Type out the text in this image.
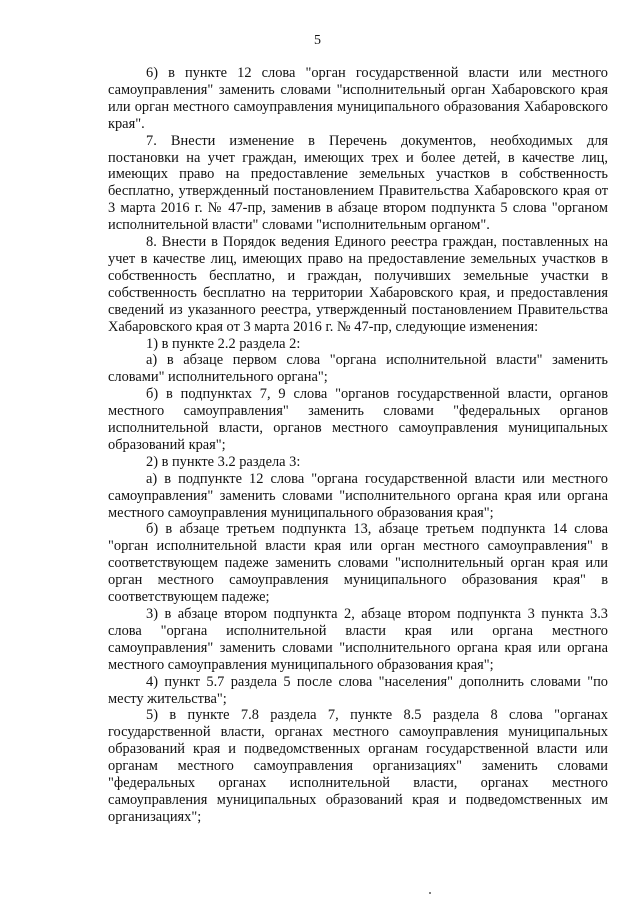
5

6) в пункте 12 слова "орган государственной власти или местного самоуправления" заменить словами "исполнительный орган Хабаровского края или орган местного самоуправления муниципального образования Хабаровского края".

7. Внести изменение в Перечень документов, необходимых для постановки на учет граждан, имеющих трех и более детей, в качестве лиц, имеющих право на предоставление земельных участков в собственность бесплатно, утвержденный постановлением Правительства Хабаровского края от 3 марта 2016 г. № 47-пр, заменив в абзаце втором подпункта 5 слова "органом исполнительной власти" словами "исполнительным органом".

8. Внести в Порядок ведения Единого реестра граждан, поставленных на учет в качестве лиц, имеющих право на предоставление земельных участков в собственность бесплатно, и граждан, получивших земельные участки в собственность бесплатно на территории Хабаровского края, и предоставления сведений из указанного реестра, утвержденный постановлением Правительства Хабаровского края от 3 марта 2016 г. № 47-пр, следующие изменения:

1) в пункте 2.2 раздела 2:

а) в абзаце первом слова "органа исполнительной власти" заменить словами" исполнительного органа";

б) в подпунктах 7, 9 слова "органов государственной власти, органов местного самоуправления" заменить словами "федеральных органов исполнительной власти, органов местного самоуправления муниципальных образований края";

2) в пункте 3.2 раздела 3:

а) в подпункте 12 слова "органа государственной власти или местного самоуправления" заменить словами "исполнительного органа края или органа местного самоуправления муниципального образования края";

б) в абзаце третьем подпункта 13, абзаце третьем подпункта 14 слова "орган исполнительной власти края или орган местного самоуправления" в соответствующем падеже заменить словами "исполнительный орган края или орган местного самоуправления муниципального образования края" в соответствующем падеже;

3) в абзаце втором подпункта 2, абзаце втором подпункта 3 пункта 3.3 слова "органа исполнительной власти края или органа местного самоуправления" заменить словами "исполнительного органа края или органа местного самоуправления муниципального образования края";

4) пункт 5.7 раздела 5 после слова "населения" дополнить словами "по месту жительства";

5) в пункте 7.8 раздела 7, пункте 8.5 раздела 8 слова "органах государственной власти, органах местного самоуправления муниципальных образований края и подведомственных органам государственной власти или органам местного самоуправления организациях" заменить словами "федеральных органах исполнительной власти, органах местного самоуправления муниципальных образований края и подведомственных им организациях";
